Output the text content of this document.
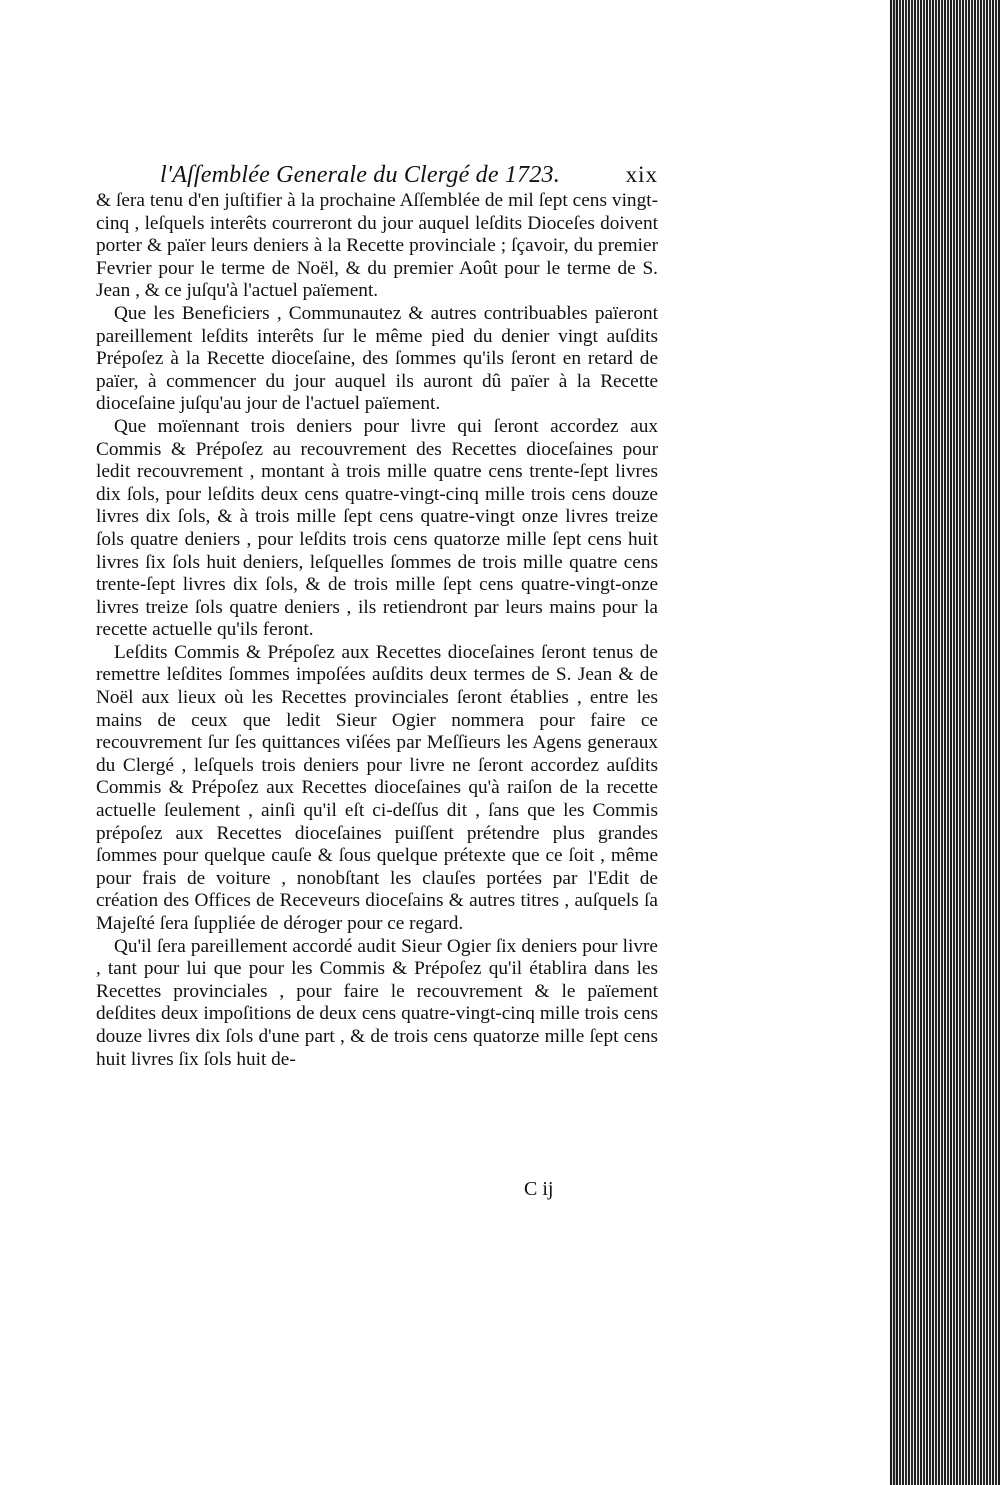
l'Aſſemblée Generale du Clergé de 1723.	xix

& ſera tenu d'en juſtifier à la prochaine Aſſemblée de mil ſept cens vingt-cinq , leſquels interêts courreront du jour auquel leſdits Dioceſes doivent porter & païer leurs deniers à la Recette provinciale ; ſçavoir, du premier Fevrier pour le terme de Noël, & du premier Août pour le terme de S. Jean , & ce juſqu'à l'actuel païement.

Que les Beneficiers , Communautez & autres contribuables païeront pareillement leſdits interêts ſur le même pied du denier vingt auſdits Prépoſez à la Recette dioceſaine, des ſommes qu'ils ſeront en retard de païer, à commencer du jour auquel ils auront dû païer à la Recette dioceſaine juſqu'au jour de l'actuel païement.

Que moïennant trois deniers pour livre qui ſeront accordez aux Commis & Prépoſez au recouvrement des Recettes dioceſaines pour ledit recouvrement , montant à trois mille quatre cens trente-ſept livres dix ſols, pour leſdits deux cens quatre-vingt-cinq mille trois cens douze livres dix ſols, & à trois mille ſept cens quatre-vingt onze livres treize ſols quatre deniers , pour leſdits trois cens quatorze mille ſept cens huit livres ſix ſols huit deniers, leſquelles ſommes de trois mille quatre cens trente-ſept livres dix ſols, & de trois mille ſept cens quatre-vingt-onze livres treize ſols quatre deniers , ils retiendront par leurs mains pour la recette actuelle qu'ils feront.

Leſdits Commis & Prépoſez aux Recettes dioceſaines ſeront tenus de remettre leſdites ſommes impoſées auſdits deux termes de S. Jean & de Noël aux lieux où les Recettes provinciales ſeront établies , entre les mains de ceux que ledit Sieur Ogier nommera pour faire ce recouvrement ſur ſes quittances viſées par Meſſieurs les Agens generaux du Clergé , leſquels trois deniers pour livre ne ſeront accordez auſdits Commis & Prépoſez aux Recettes dioceſaines qu'à raiſon de la recette actuelle ſeulement , ainſi qu'il eſt ci-deſſus dit , ſans que les Commis prépoſez aux Recettes dioceſaines puiſſent prétendre plus grandes ſommes pour quelque cauſe & ſous quelque prétexte que ce ſoit , même pour frais de voiture , nonobſtant les clauſes portées par l'Edit de création des Offices de Receveurs dioceſains & autres titres , auſquels ſa Majeſté ſera ſuppliée de déroger pour ce regard.

Qu'il ſera pareillement accordé audit Sieur Ogier ſix deniers pour livre , tant pour lui que pour les Commis & Prépoſez qu'il établira dans les Recettes provinciales , pour faire le recouvrement & le païement deſdites deux impoſitions de deux cens quatre-vingt-cinq mille trois cens douze livres dix ſols d'une part , & de trois cens quatorze mille ſept cens huit livres ſix ſols huit de-

C ij
